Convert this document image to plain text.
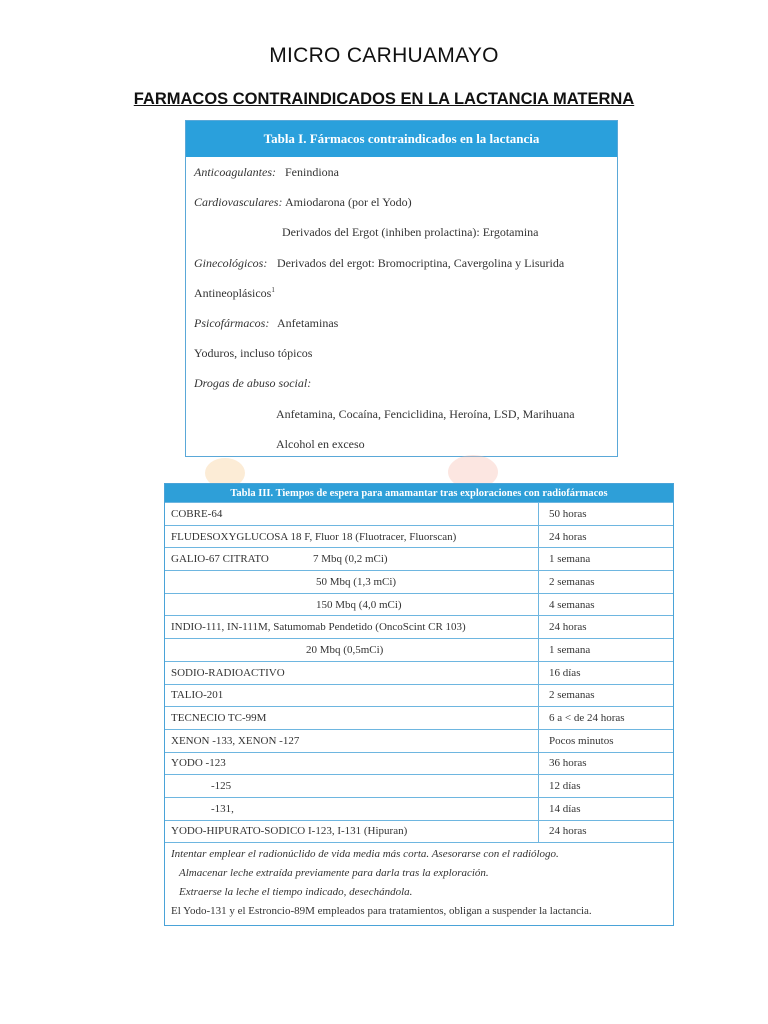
MICRO CARHUAMAYO
FARMACOS CONTRAINDICADOS EN LA LACTANCIA MATERNA
Tabla I. Fármacos contraindicados en la lactancia
Anticoagulantes: Fenindiona
Cardiovasculares: Amiodarona (por el Yodo)
Derivados del Ergot (inhiben prolactina): Ergotamina
Ginecológicos: Derivados del ergot: Bromocriptina, Cavergolina y Lisurida
Antineoplásicos$^1$
Psicofármacos: Anfetaminas
Yoduros, incluso tópicos
Drogas de abuso social:
Anfetamina, Cocaína, Fenciclidina, Heroína, LSD, Marihuana
Alcohol en exceso
Tabla III. Tiempos de espera para amamantar tras exploraciones con radiofármacos
COBRE-64	50 horas
FLUDESOXYGLUCOSA 18 F, Fluor 18 (Fluotracer, Fluorscan)	24 horas
GALIO-67 CITRATO	7 Mbq (0,2 mCi)	1 semana
50 Mbq (1,3 mCi)	2 semanas
150 Mbq (4,0 mCi)	4 semanas
INDIO-111, IN-111M, Satumomab Pendetido (OncoScint CR 103)	24 horas
20 Mbq (0,5mCi)	1 semana
SODIO-RADIOACTIVO	16 días
TALIO-201	2 semanas
TECNECIO TC-99M	6 a < de 24 horas
XENON -133, XENON -127	Pocos minutos
YODO -123	36 horas
-125	12 días
-131,	14 días
YODO-HIPURATO-SODICO I-123, I-131 (Hipuran)	24 horas
Intentar emplear el radionúclido de vida media más corta. Asesorarse con el radiólogo.
Almacenar leche extraída previamente para darla tras la exploración.
Extraerse la leche el tiempo indicado, desechándola.
El Yodo-131 y el Estroncio-89M empleados para tratamientos, obligan a suspender la lactancia.
